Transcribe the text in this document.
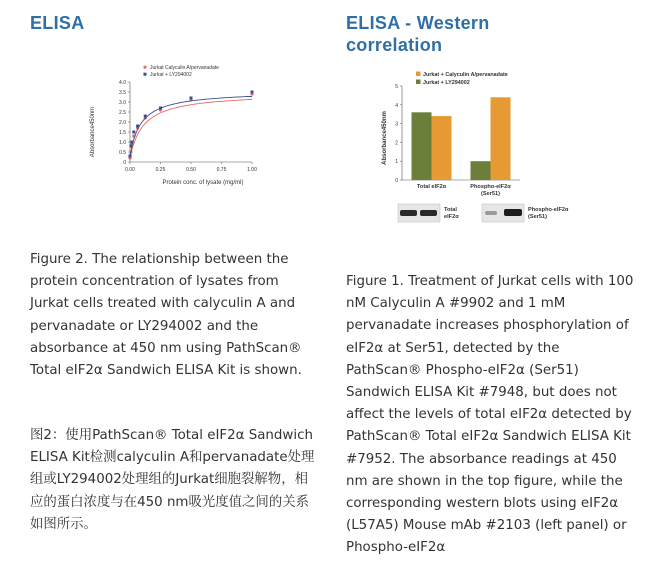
ELISA
0
0.5
1.0
1.5
2.0
2.5
3.0
3.5
4.0
0.00	0.25	0.50	0.75	1.00
Jurkat Calyculin A/pervanadate
Jurkat + LY294002
Absorbance450nm
Protein conc. of lysate (mg/ml)

Figure 2. The relationship between the protein concentration of lysates from Jurkat cells treated with calyculin A and pervanadate or LY294002 and the absorbance at 450 nm using PathScan® Total eIF2α Sandwich ELISA Kit is shown.

图2：使用PathScan® Total eIF2α Sandwich ELISA Kit检测calyculin A和pervanadate处理组或LY294002处理组的Jurkat细胞裂解物，相应的蛋白浓度与在450 nm吸光度值之间的关系如图所示。

ELISA - Western correlation
0
1
2
3
4
5
Jurkat + Calyculin A/pervanadate
Jurkat + LY294002
Total eIF2α	Phospho-eIF2α
(Ser51)
Absorbance450nm
Total
eIF2α
Phospho-eIF2α
(Ser51)

Figure 1. Treatment of Jurkat cells with 100 nM Calyculin A #9902 and 1 mM pervanadate increases phosphorylation of eIF2α at Ser51, detected by the PathScan® Phospho-eIF2α (Ser51) Sandwich ELISA Kit #7948, but does not affect the levels of total eIF2α detected by PathScan® Total eIF2α Sandwich ELISA Kit #7952. The absorbance readings at 450 nm are shown in the top figure, while the corresponding western blots using eIF2α (L57A5) Mouse mAb #2103 (left panel) or Phospho-eIF2α
